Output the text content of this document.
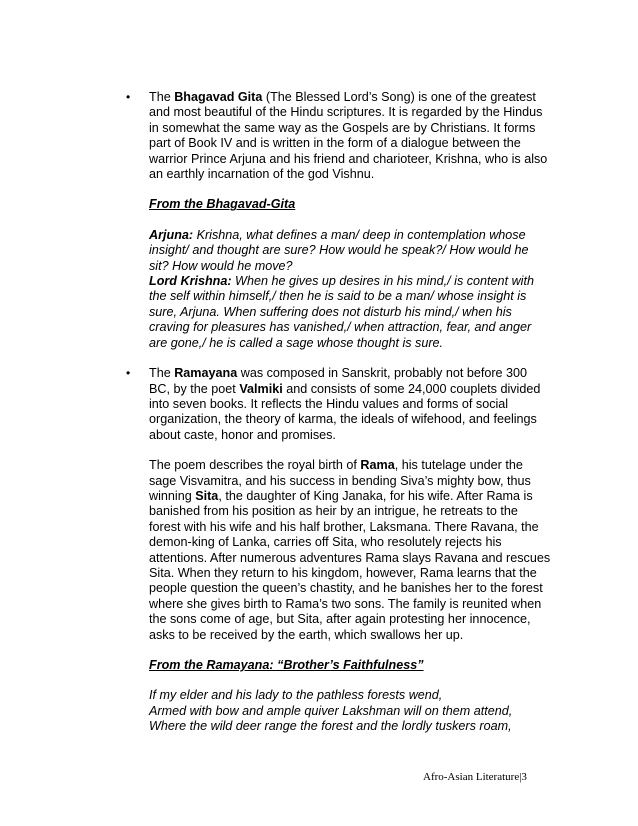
• The Bhagavad Gita (The Blessed Lord’s Song) is one of the greatest and most beautiful of the Hindu scriptures. It is regarded by the Hindus in somewhat the same way as the Gospels are by Christians. It forms part of Book IV and is written in the form of a dialogue between the warrior Prince Arjuna and his friend and charioteer, Krishna, who is also an earthly incarnation of the god Vishnu.

From the Bhagavad-Gita

Arjuna: Krishna, what defines a man/ deep in contemplation whose insight/ and thought are sure? How would he speak?/ How would he sit? How would he move?
Lord Krishna: When he gives up desires in his mind,/ is content with the self within himself,/ then he is said to be a man/ whose insight is sure, Arjuna. When suffering does not disturb his mind,/ when his craving for pleasures has vanished,/ when attraction, fear, and anger are gone,/ he is called a sage whose thought is sure.

• The Ramayana was composed in Sanskrit, probably not before 300 BC, by the poet Valmiki and consists of some 24,000 couplets divided into seven books. It reflects the Hindu values and forms of social organization, the theory of karma, the ideals of wifehood, and feelings about caste, honor and promises.

The poem describes the royal birth of Rama, his tutelage under the sage Visvamitra, and his success in bending Siva’s mighty bow, thus winning Sita, the daughter of King Janaka, for his wife. After Rama is banished from his position as heir by an intrigue, he retreats to the forest with his wife and his half brother, Laksmana. There Ravana, the demon-king of Lanka, carries off Sita, who resolutely rejects his attentions. After numerous adventures Rama slays Ravana and rescues Sita. When they return to his kingdom, however, Rama learns that the people question the queen’s chastity, and he banishes her to the forest where she gives birth to Rama’s two sons. The family is reunited when the sons come of age, but Sita, after again protesting her innocence, asks to be received by the earth, which swallows her up.

From the Ramayana: “Brother’s Faithfulness”

If my elder and his lady to the pathless forests wend,
Armed with bow and ample quiver Lakshman will on them attend,
Where the wild deer range the forest and the lordly tuskers roam,

Afro-Asian Literature|3
